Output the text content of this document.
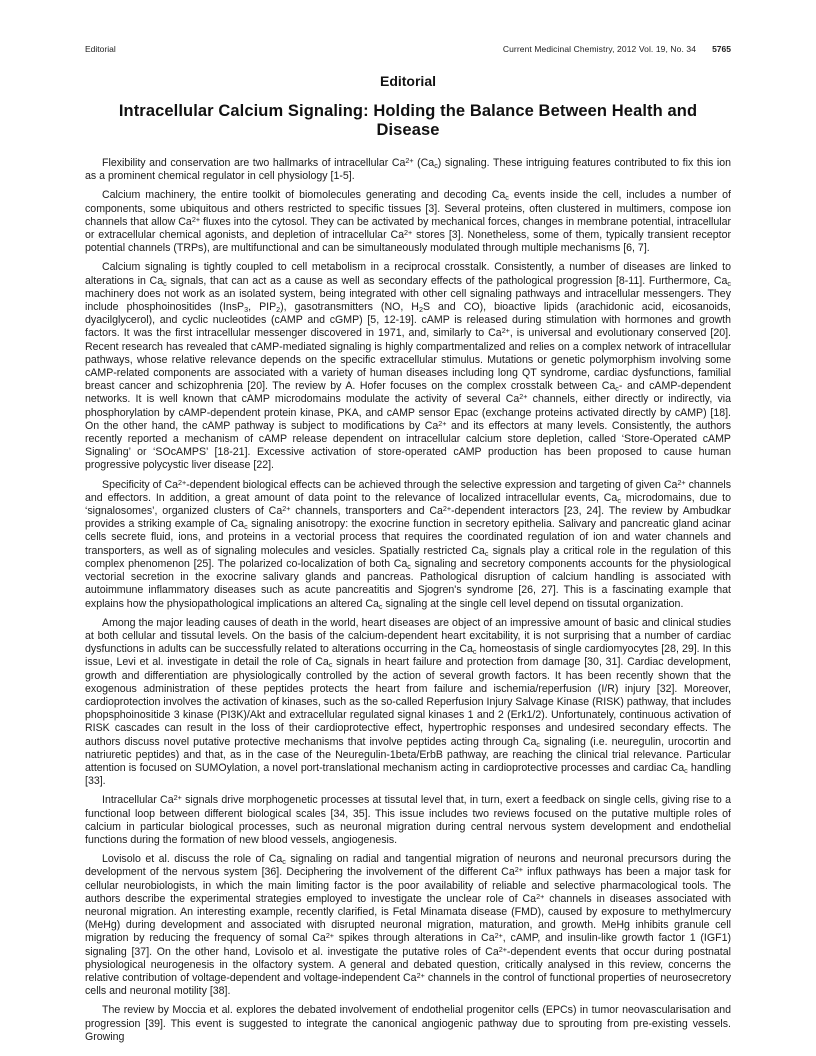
Editorial	Current Medicinal Chemistry, 2012 Vol. 19, No. 34 5765
Editorial
Intracellular Calcium Signaling: Holding the Balance Between Health and Disease

Flexibility and conservation are two hallmarks of intracellular $Ca^{2+}$ $(Ca_c)$ signaling. These intriguing features contributed to fix this ion as a prominent chemical regulator in cell physiology [1-5].

Calcium machinery, the entire toolkit of biomolecules generating and decoding $Ca_c$ events inside the cell, includes a number of components, some ubiquitous and others restricted to specific tissues [3]. Several proteins, often clustered in multimers, compose ion channels that allow $Ca^{2+}$ fluxes into the cytosol. They can be activated by mechanical forces, changes in membrane potential, intracellular or extracellular chemical agonists, and depletion of intracellular $Ca^{2+}$ stores [3]. Nonetheless, some of them, typically transient receptor potential channels (TRPs), are multifunctional and can be simultaneously modulated through multiple mechanisms [6, 7].

Calcium signaling is tightly coupled to cell metabolism in a reciprocal crosstalk. Consistently, a number of diseases are linked to alterations in $Ca_c$ signals, that can act as a cause as well as secondary effects of the pathological progression [8-11]. Furthermore, $Ca_c$ machinery does not work as an isolated system, being integrated with other cell signaling pathways and intracellular messengers. They include phosphoinositides (InsP$_3$, $PIP_2$), gasotransmitters (NO, $H_2S$ and CO), bioactive lipids (arachidonic acid, eicosanoids, dyacilglycerol), and cyclic nucleotides (cAMP and cGMP) [5, 12-19]. cAMP is released during stimulation with hormones and growth factors. It was the first intracellular messenger discovered in 1971, and, similarly to $Ca^{2+}$, is universal and evolutionary conserved [20]. Recent research has revealed that cAMP-mediated signaling is highly compartmentalized and relies on a complex network of intracellular pathways, whose relative relevance depends on the specific extracellular stimulus. Mutations or genetic polymorphism involving some cAMP-related components are associated with a variety of human diseases including long QT syndrome, cardiac dysfunctions, familial breast cancer and schizophrenia [20]. The review by A. Hofer focuses on the complex crosstalk between $Ca_c-$ and cAMP-dependent networks. It is well known that cAMP microdomains modulate the activity of several $Ca^{2+}$ channels, either directly or indirectly, via phosphorylation by cAMP-dependent protein kinase, PKA, and cAMP sensor Epac (exchange proteins activated directly by cAMP) [18]. On the other hand, the cAMP pathway is subject to modifications by $Ca^{2+}$ and its effectors at many levels. Consistently, the authors recently reported a mechanism of cAMP release dependent on intracellular calcium store depletion, called ‘Store-Operated cAMP Signaling’ or ‘SOcAMPS’ [18-21]. Excessive activation of store-operated cAMP production has been proposed to cause human progressive polycystic liver disease [22].

Specificity of $Ca^{2+}$-dependent biological effects can be achieved through the selective expression and targeting of given $Ca^{2+}$ channels and effectors. In addition, a great amount of data point to the relevance of localized intracellular events, $Ca_c$ microdomains, due to ‘signalosomes’, organized clusters of $Ca^{2+}$ channels, transporters and $Ca^{2+}$-dependent interactors [23, 24]. The review by Ambudkar provides a striking example of $Ca_c$ signaling anisotropy: the exocrine function in secretory epithelia. Salivary and pancreatic gland acinar cells secrete fluid, ions, and proteins in a vectorial process that requires the coordinated regulation of ion and water channels and transporters, as well as of signaling molecules and vesicles. Spatially restricted $Ca_c$ signals play a critical role in the regulation of this complex phenomenon [25]. The polarized co-localization of both $Ca_c$ signaling and secretory components accounts for the physiological vectorial secretion in the exocrine salivary glands and pancreas. Pathological disruption of calcium handling is associated with autoimmune inflammatory diseases such as acute pancreatitis and Sjogren's syndrome [26, 27]. This is a fascinating example that explains how the physiopathological implications an altered $Ca_c$ signaling at the single cell level depend on tissutal organization.

Among the major leading causes of death in the world, heart diseases are object of an impressive amount of basic and clinical studies at both cellular and tissutal levels. On the basis of the calcium-dependent heart excitability, it is not surprising that a number of cardiac dysfunctions in adults can be successfully related to alterations occurring in the $Ca_c$ homeostasis of single cardiomyocytes [28, 29]. In this issue, Levi et al. investigate in detail the role of $Ca_c$ signals in heart failure and protection from damage [30, 31]. Cardiac development, growth and differentiation are physiologically controlled by the action of several growth factors. It has been recently shown that the exogenous administration of these peptides protects the heart from failure and ischemia/reperfusion (I/R) injury [32]. Moreover, cardioprotection involves the activation of kinases, such as the so-called Reperfusion Injury Salvage Kinase (RISK) pathway, that includes phopsphoinositide 3 kinase (PI3K)/Akt and extracellular regulated signal kinases 1 and 2 (Erk1/2). Unfortunately, continuous activation of RISK cascades can result in the loss of their cardioprotective effect, hypertrophic responses and undesired secondary effects. The authors discuss novel putative protective mechanisms that involve peptides acting through $Ca_c$ signaling (i.e. neuregulin, urocortin and natriuretic peptides) and that, as in the case of the Neuregulin-1beta/ErbB pathway, are reaching the clinical trial relevance. Particular attention is focused on SUMOylation, a novel port-translational mechanism acting in cardioprotective processes and cardiac $Ca_c$ handling [33].

Intracellular $Ca^{2+}$ signals drive morphogenetic processes at tissutal level that, in turn, exert a feedback on single cells, giving rise to a functional loop between different biological scales [34, 35]. This issue includes two reviews focused on the putative multiple roles of calcium in particular biological processes, such as neuronal migration during central nervous system development and endothelial functions during the formation of new blood vessels, angiogenesis.

Lovisolo et al. discuss the role of $Ca_c$ signaling on radial and tangential migration of neurons and neuronal precursors during the development of the nervous system [36]. Deciphering the involvement of the different $Ca^{2+}$ influx pathways has been a major task for cellular neurobiologists, in which the main limiting factor is the poor availability of reliable and selective pharmacological tools. The authors describe the experimental strategies employed to investigate the unclear role of $Ca^{2+}$ channels in diseases associated with neuronal migration. An interesting example, recently clarified, is Fetal Minamata disease (FMD), caused by exposure to methylmercury (MeHg) during development and associated with disrupted neuronal migration, maturation, and growth. MeHg inhibits granule cell migration by reducing the frequency of somal $Ca^{2+}$ spikes through alterations in $Ca^{2+}$, cAMP, and insulin-like growth factor 1 (IGF1) signaling [37]. On the other hand, Lovisolo et al. investigate the putative roles of $Ca^{2+}$-dependent events that occur during postnatal physiological neurogenesis in the olfactory system. A general and debated question, critically analysed in this review, concerns the relative contribution of voltage-dependent and voltage-independent $Ca^{2+}$ channels in the control of functional properties of neurosecretory cells and neuronal motility [38].

The review by Moccia et al. explores the debated involvement of endothelial progenitor cells (EPCs) in tumor neovascularisation and progression [39]. This event is suggested to integrate the canonical angiogenic pathway due to sprouting from pre-existing vessels. Growing
